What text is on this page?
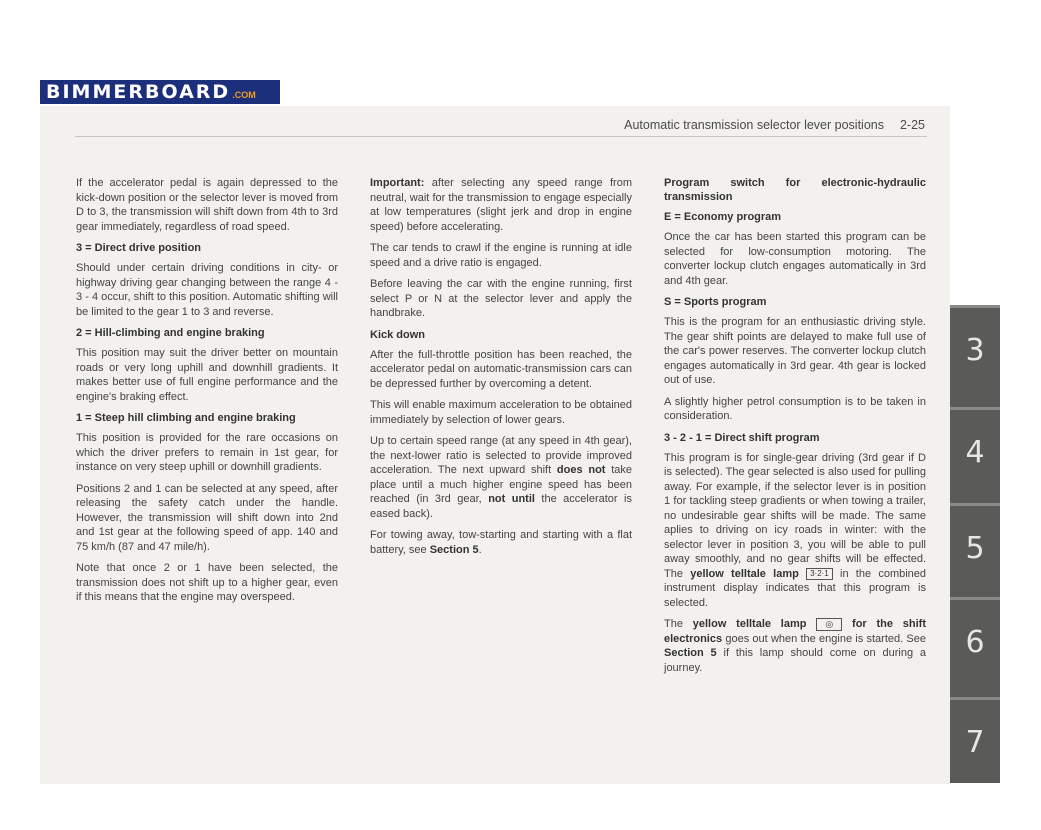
BIMMERBOARD .COM
Automatic transmission selector lever positions 2-25

If the accelerator pedal is again depressed to the kick-down position or the selector lever is moved from D to 3, the transmission will shift down from 4th to 3rd gear immediately, regardless of road speed.

3 = Direct drive position

Should under certain driving conditions in city- or highway driving gear changing between the range 4 - 3 - 4 occur, shift to this position. Automatic shifting will be limited to the gear 1 to 3 and reverse.

2 = Hill-climbing and engine braking

This position may suit the driver better on mountain roads or very long uphill and downhill gradients. It makes better use of full engine performance and the engine's braking effect.

1 = Steep hill climbing and engine braking

This position is provided for the rare occasions on which the driver prefers to remain in 1st gear, for instance on very steep uphill or downhill gradients.

Positions 2 and 1 can be selected at any speed, after releasing the safety catch under the handle. However, the transmission will shift down into 2nd and 1st gear at the following speed of app. 140 and 75 km/h (87 and 47 mile/h).

Note that once 2 or 1 have been selected, the transmission does not shift up to a higher gear, even if this means that the engine may overspeed.

Important: after selecting any speed range from neutral, wait for the transmission to engage especially at low temperatures (slight jerk and drop in engine speed) before accelerating.

The car tends to crawl if the engine is running at idle speed and a drive ratio is engaged.

Before leaving the car with the engine running, first select P or N at the selector lever and apply the handbrake.

Kick down

After the full-throttle position has been reached, the accelerator pedal on automatic-transmission cars can be depressed further by overcoming a detent.

This will enable maximum acceleration to be obtained immediately by selection of lower gears.

Up to certain speed range (at any speed in 4th gear), the next-lower ratio is selected to provide improved acceleration. The next upward shift does not take place until a much higher engine speed has been reached (in 3rd gear, not until the accelerator is eased back).

For towing away, tow-starting and starting with a flat battery, see Section 5.

Program switch for electronic-hydraulic transmission
E = Economy program

Once the car has been started this program can be selected for low-consumption motoring. The converter lockup clutch engages automatically in 3rd and 4th gear.

S = Sports program

This is the program for an enthusiastic driving style. The gear shift points are delayed to make full use of the car's power reserves. The converter lockup clutch engages automatically in 3rd gear. 4th gear is locked out of use.

A slightly higher petrol consumption is to be taken in consideration.

3 - 2 - 1 = Direct shift program

This program is for single-gear driving (3rd gear if D is selected). The gear selected is also used for pulling away. For example, if the selector lever is in position 1 for tackling steep gradients or when towing a trailer, no undesirable gear shifts will be made. The same aplies to driving on icy roads in winter: with the selector lever in position 3, you will be able to pull away smoothly, and no gear shifts will be effected. The yellow telltale lamp 3·2·1 in the combined instrument display indicates that this program is selected.

The yellow telltale lamp ◎ for the shift electronics goes out when the engine is started. See Section 5 if this lamp should come on during a journey.

3
4
5
6
7
